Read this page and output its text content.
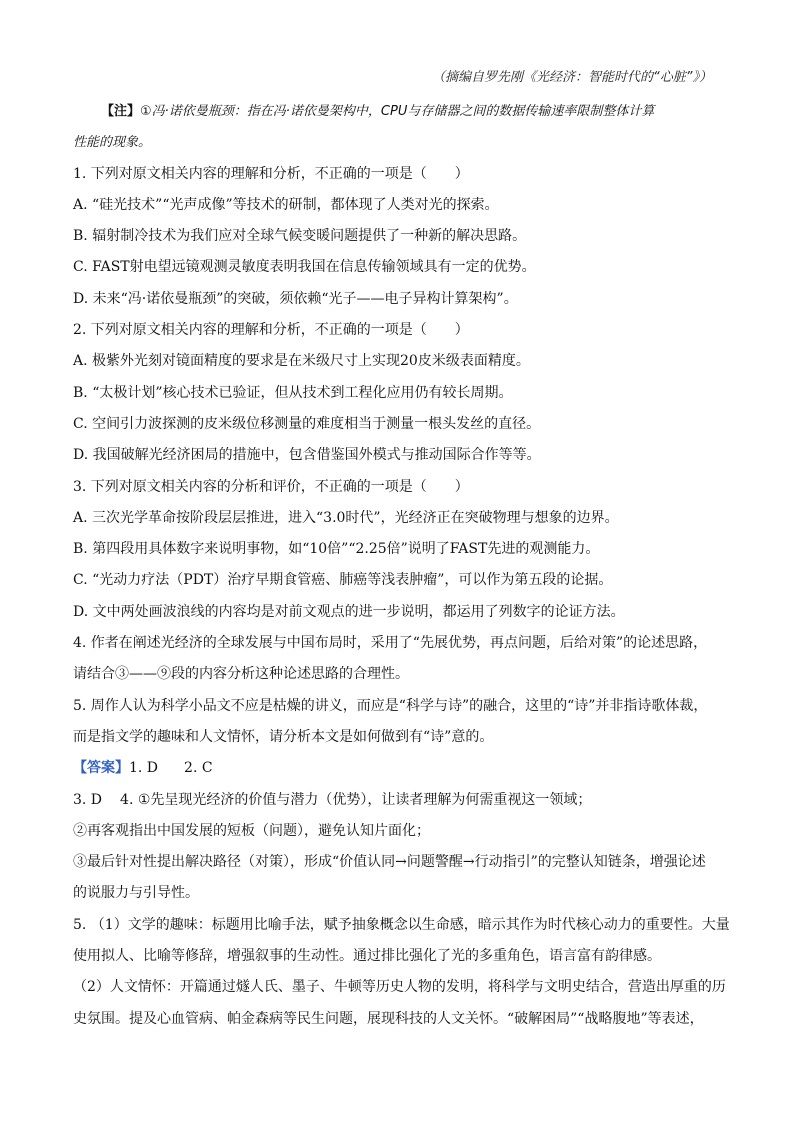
（摘编自罗先刚《光经济：智能时代的“心脏”》）
【注】①冯·诺依曼瓶颈：指在冯·诺依曼架构中，CPU与存储器之间的数据传输速率限制整体计算
性能的现象。
1. 下列对原文相关内容的理解和分析，不正确的一项是（　　）
A. “硅光技术”“光声成像”等技术的研制，都体现了人类对光的探索。
B. 辐射制冷技术为我们应对全球气候变暖问题提供了一种新的解决思路。
C. FAST射电望远镜观测灵敏度表明我国在信息传输领域具有一定的优势。
D. 未来“冯·诺依曼瓶颈”的突破，须依赖“光子——电子异构计算架构”。
2. 下列对原文相关内容的理解和分析，不正确的一项是（　　）
A. 极紫外光刻对镜面精度的要求是在米级尺寸上实现20皮米级表面精度。
B. “太极计划”核心技术已验证，但从技术到工程化应用仍有较长周期。
C. 空间引力波探测的皮米级位移测量的难度相当于测量一根头发丝的直径。
D. 我国破解光经济困局的措施中，包含借鉴国外模式与推动国际合作等等。
3. 下列对原文相关内容的分析和评价，不正确的一项是（　　）
A. 三次光学革命按阶段层层推进，进入“3.0时代”，光经济正在突破物理与想象的边界。
B. 第四段用具体数字来说明事物，如“10倍”“2.25倍”说明了FAST先进的观测能力。
C. “光动力疗法（PDT）治疗早期食管癌、肺癌等浅表肿瘤”，可以作为第五段的论据。
D. 文中两处画波浪线的内容均是对前文观点的进一步说明，都运用了列数字的论证方法。
4. 作者在阐述光经济的全球发展与中国布局时，采用了“先展优势，再点问题，后给对策”的论述思路，
请结合③——⑨段的内容分析这种论述思路的合理性。
5. 周作人认为科学小品文不应是枯燥的讲义，而应是“科学与诗”的融合，这里的“诗”并非指诗歌体裁，
而是指文学的趣味和人文情怀，请分析本文是如何做到有“诗”意的。
【答案】1. D 2. C
3. D 4. ①先呈现光经济的价值与潜力（优势），让读者理解为何需重视这一领域；
②再客观指出中国发展的短板（问题），避免认知片面化；
③最后针对性提出解决路径（对策），形成“价值认同→问题警醒→行动指引”的完整认知链条，增强论述
的说服力与引导性。
5. （1）文学的趣味：标题用比喻手法，赋予抽象概念以生命感，暗示其作为时代核心动力的重要性。大量
使用拟人、比喻等修辞，增强叙事的生动性。通过排比强化了光的多重角色，语言富有韵律感。
（2）人文情怀：开篇通过燧人氏、墨子、牛顿等历史人物的发明，将科学与文明史结合，营造出厚重的历
史氛围。提及心血管病、帕金森病等民生问题，展现科技的人文关怀。“破解困局”“战略腹地”等表述，
